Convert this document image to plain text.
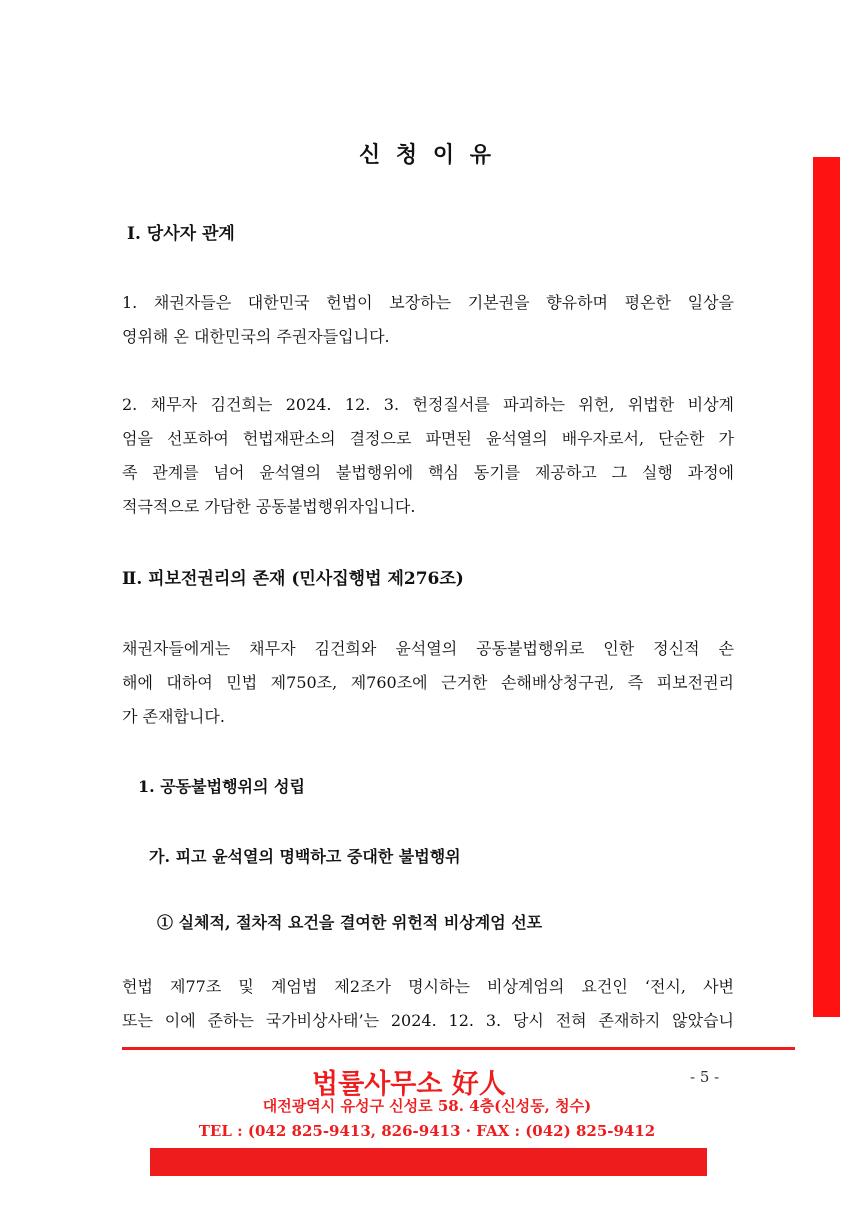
신 청 이 유
Ⅰ. 당사자 관계
1. 채권자들은 대한민국 헌법이 보장하는 기본권을 향유하며 평온한 일상을
영위해 온 대한민국의 주권자들입니다.
2. 채무자 김건희는 2024. 12. 3. 헌정질서를 파괴하는 위헌, 위법한 비상계
엄을 선포하여 헌법재판소의 결정으로 파면된 윤석열의 배우자로서, 단순한 가
족 관계를 넘어 윤석열의 불법행위에 핵심 동기를 제공하고 그 실행 과정에
적극적으로 가담한 공동불법행위자입니다.
Ⅱ. 피보전권리의 존재 (민사집행법 제276조)
채권자들에게는 채무자 김건희와 윤석열의 공동불법행위로 인한 정신적 손
해에 대하여 민법 제750조, 제760조에 근거한 손해배상청구권, 즉 피보전권리
가 존재합니다.
1. 공동불법행위의 성립
가. 피고 윤석열의 명백하고 중대한 불법행위
① 실체적, 절차적 요건을 결여한 위헌적 비상계엄 선포
헌법 제77조 및 계엄법 제2조가 명시하는 비상계엄의 요건인 ‘전시, 사변
또는 이에 준하는 국가비상사태’는 2024. 12. 3. 당시 전혀 존재하지 않았습니
법률사무소 好人	- 5 -
대전광역시 유성구 신성로 58. 4층(신성동, 청수)
TEL : (042 825-9413, 826-9413 · FAX : (042) 825-9412
